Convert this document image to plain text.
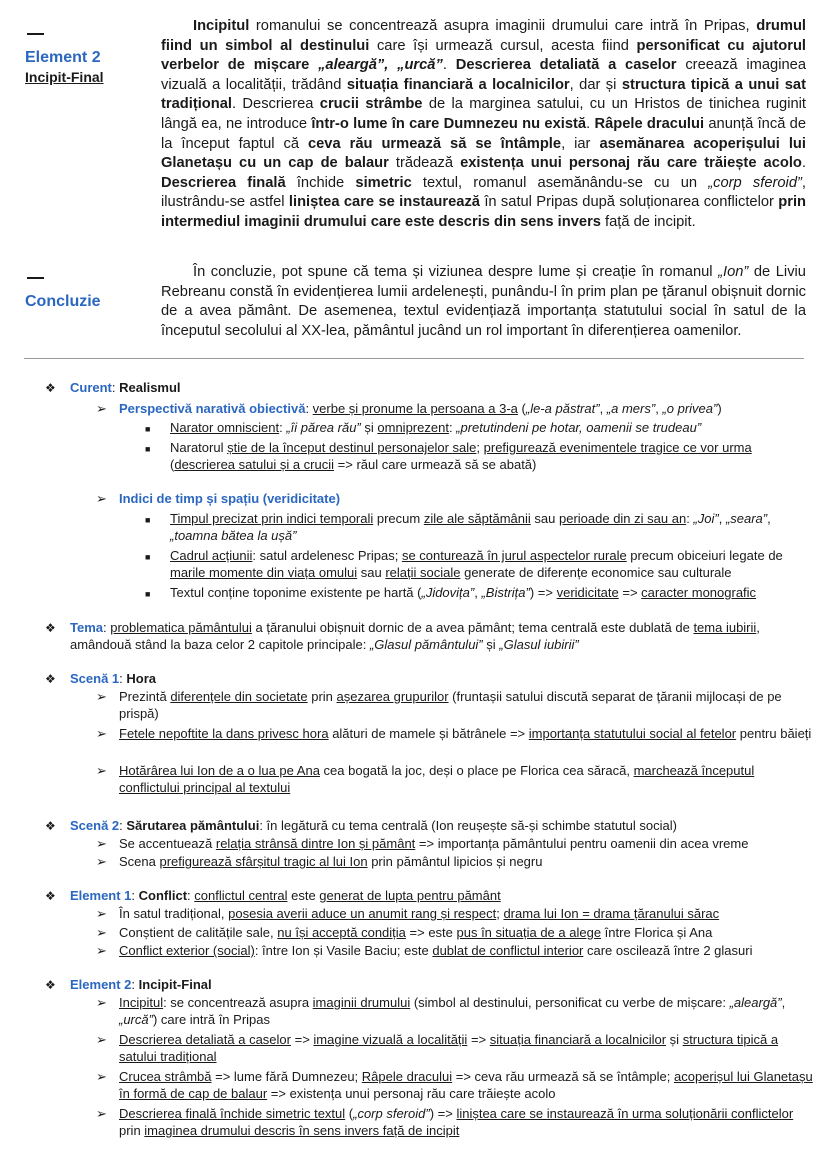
Element 2
Incipit-Final

Incipitul romanului se concentrează asupra imaginii drumului care intră în Pripas, drumul fiind un simbol al destinului care își urmează cursul, acesta fiind personificat cu ajutorul verbelor de mișcare „aleargă”, „urcă”. Descrierea detaliată a caselor creează imaginea vizuală a localității, trădând situația financiară a localnicilor, dar și structura tipică a unui sat tradițional. Descrierea crucii strâmbe de la marginea satului, cu un Hristos de tinichea ruginit lângă ea, ne introduce într-o lume în care Dumnezeu nu există. Râpele dracului anunță încă de la început faptul că ceva rău urmează să se întâmple, iar asemănarea acoperișului lui Glanetașu cu un cap de balaur trădează existența unui personaj rău care trăiește acolo. Descrierea finală închide simetric textul, romanul asemănându-se cu un „corp sferoid”, ilustrându-se astfel liniștea care se instaurează în satul Pripas după soluționarea conflictelor prin intermediul imaginii drumului care este descris din sens invers față de incipit.

Concluzie

În concluzie, pot spune că tema și viziunea despre lume și creație în romanul „Ion” de Liviu Rebreanu constă în evidențierea lumii ardelenești, punându-l în prim plan pe țăranul obișnuit dornic de a avea pământ. De asemenea, textul evidențiază importanța statutului social în satul de la începutul secolului al XX-lea, pământul jucând un rol important în diferențierea oamenilor.

❖ Curent: Realismul
➢ Perspectivă narativă obiectivă: verbe și pronume la persoana a 3-a („le-a păstrat”, „a mers”, „o privea”)
■ Narator omniscient: „îi părea rău” și omniprezent: „pretutindeni pe hotar, oamenii se trudeau”
■ Naratorul știe de la început destinul personajelor sale; prefigurează evenimentele tragice ce vor urma (descrierea satului și a crucii => răul care urmează să se abată)
➢ Indici de timp și spațiu (veridicitate)
■ Timpul precizat prin indici temporali precum zile ale săptămânii sau perioade din zi sau an: „Joi”, „seara”, „toamna bătea la ușă”
■ Cadrul acțiunii: satul ardelenesc Pripas; se conturează în jurul aspectelor rurale precum obiceiuri legate de marile momente din viața omului sau relații sociale generate de diferențe economice sau culturale
■ Textul conține toponime existente pe hartă („Jidovița”, „Bistrița”) => veridicitate => caracter monografic
❖ Tema: problematica pământului a țăranului obișnuit dornic de a avea pământ; tema centrală este dublată de tema iubirii, amândouă stând la baza celor 2 capitole principale: „Glasul pământului” și „Glasul iubirii”
❖ Scenă 1: Hora
➢ Prezintă diferențele din societate prin așezarea grupurilor (fruntașii satului discută separat de țăranii mijlocași de pe prispă)
➢ Fetele nepoftite la dans privesc hora alături de mamele și bătrânele => importanța statutului social al fetelor pentru băieți
➢ Hotărârea lui Ion de a o lua pe Ana cea bogată la joc, deși o place pe Florica cea săracă, marchează începutul conflictului principal al textului
❖ Scenă 2: Sărutarea pământului: în legătură cu tema centrală (Ion reușește să-și schimbe statutul social)
➢ Se accentuează relația strânsă dintre Ion și pământ => importanța pământului pentru oamenii din acea vreme
➢ Scena prefigurează sfârșitul tragic al lui Ion prin pământul lipicios și negru
❖ Element 1: Conflict: conflictul central este generat de lupta pentru pământ
➢ În satul tradițional, posesia averii aduce un anumit rang și respect; drama lui Ion = drama țăranului sărac
➢ Conștient de calitățile sale, nu își acceptă condiția => este pus în situația de a alege între Florica și Ana
➢ Conflict exterior (social): între Ion și Vasile Baciu; este dublat de conflictul interior care oscilează între 2 glasuri
❖ Element 2: Incipit-Final
➢ Incipitul: se concentrează asupra imaginii drumului (simbol al destinului, personificat cu verbe de mișcare: „aleargă”, „urcă”) care intră în Pripas
➢ Descrierea detaliată a caselor => imagine vizuală a localității => situația financiară a localnicilor și structura tipică a satului tradițional
➢ Crucea strâmbă => lume fără Dumnezeu; Râpele dracului => ceva rău urmează să se întâmple; acoperișul lui Glanetașu în formă de cap de balaur => existența unui personaj rău care trăiește acolo
➢ Descrierea finală închide simetric textul („corp sferoid”) => liniștea care se instaurează în urma soluționării conflictelor prin imaginea drumului descris în sens invers față de incipit
